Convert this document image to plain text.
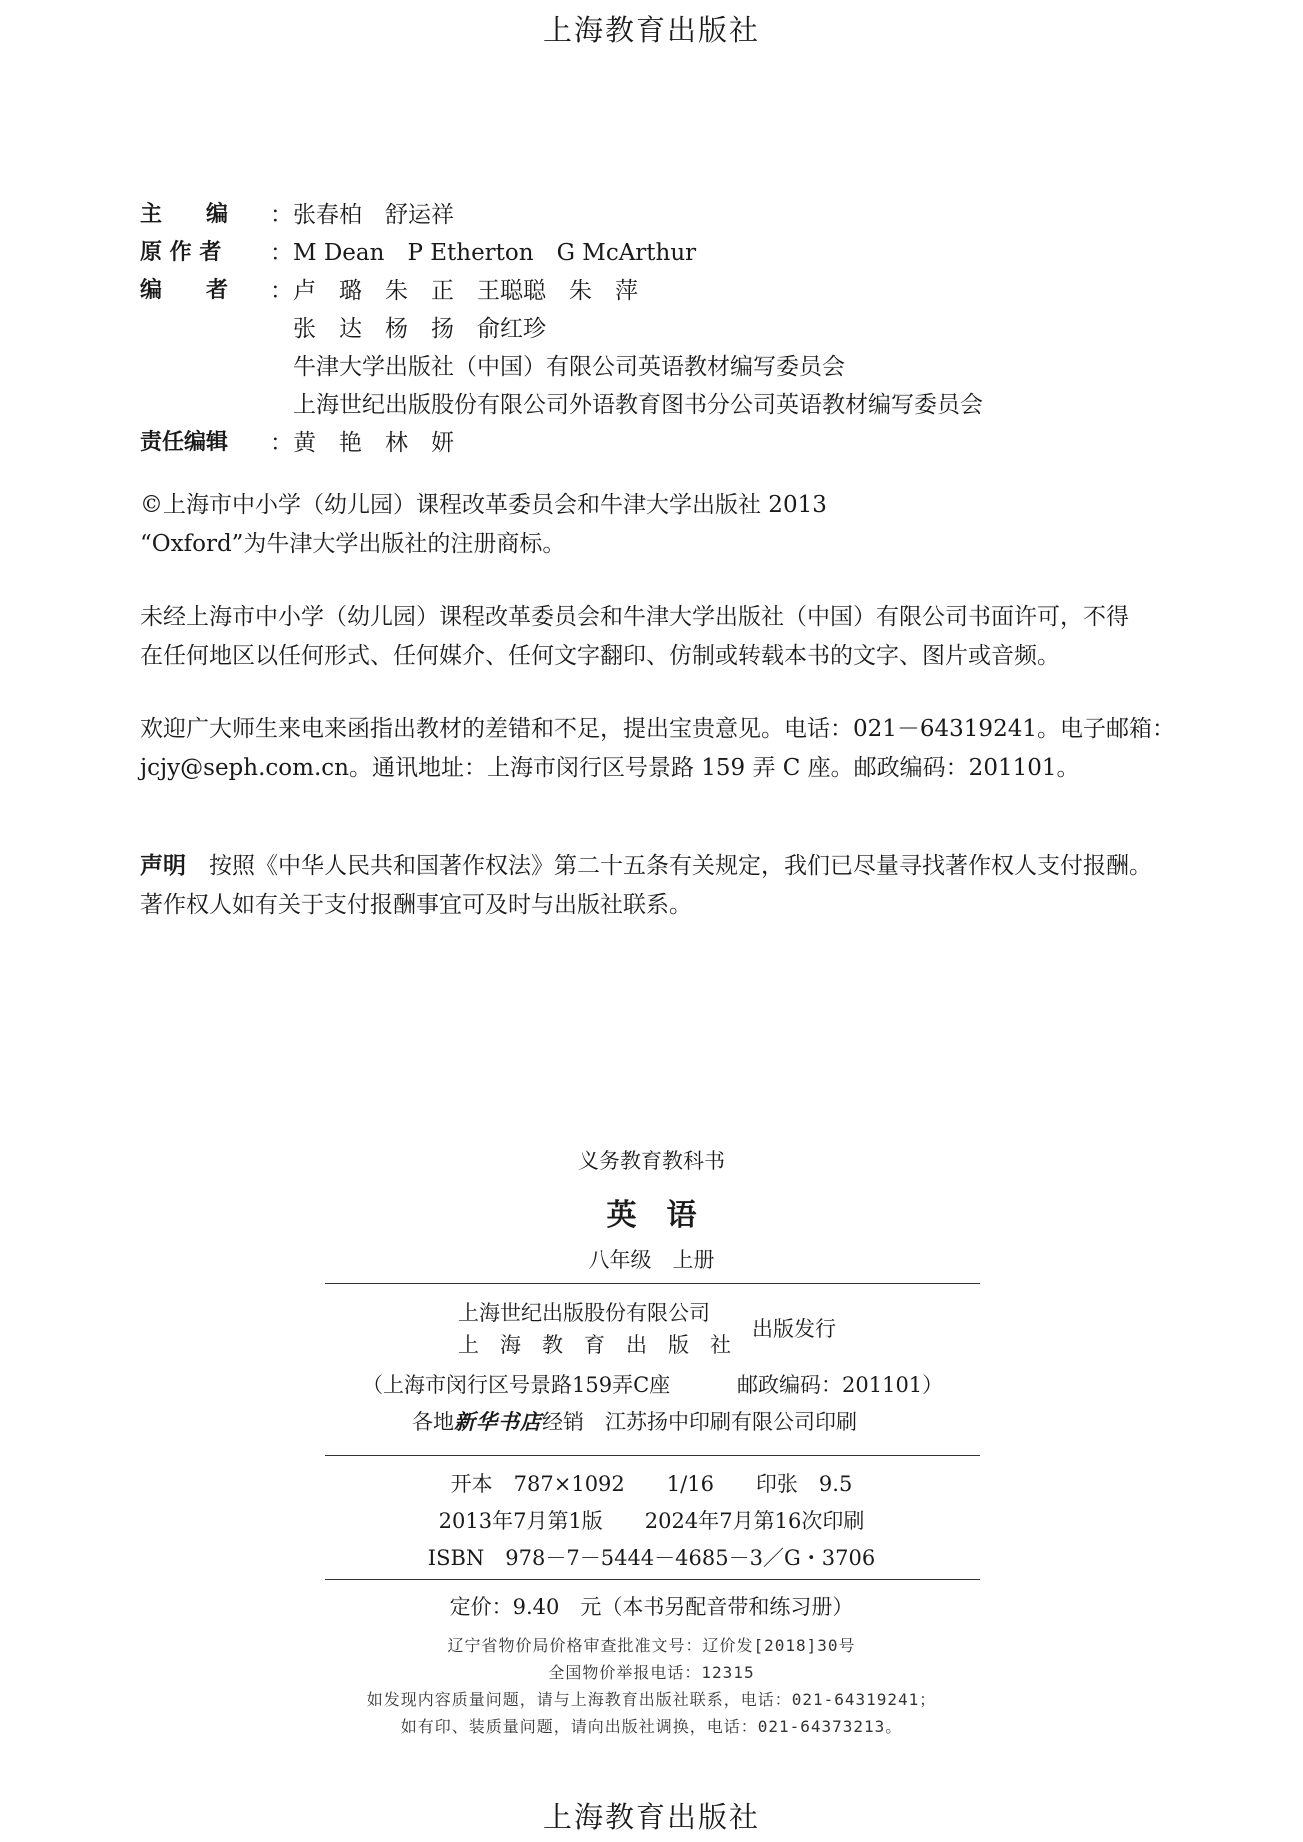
上海教育出版社
主　　编	：张春柏　舒运祥
原 作 者	：M Dean　P Etherton　G McArthur
编　　者	：卢　璐　朱　正　王聪聪　朱　萍
　张　达　杨　扬　俞红珍
　牛津大学出版社（中国）有限公司英语教材编写委员会
　上海世纪出版股份有限公司外语教育图书分公司英语教材编写委员会
责任编辑	：黄　艳　林　妍
©上海市中小学（幼儿园）课程改革委员会和牛津大学出版社 2013
“Oxford”为牛津大学出版社的注册商标。
未经上海市中小学（幼儿园）课程改革委员会和牛津大学出版社（中国）有限公司书面许可，不得
在任何地区以任何形式、任何媒介、任何文字翻印、仿制或转载本书的文字、图片或音频。
欢迎广大师生来电来函指出教材的差错和不足，提出宝贵意见。电话：021－64319241。电子邮箱：
jcjy@seph.com.cn。通讯地址：上海市闵行区号景路 159 弄 C 座。邮政编码：201101。
声明　 按照《中华人民共和国著作权法》第二十五条有关规定，我们已尽量寻找著作权人支付报酬。
著作权人如有关于支付报酬事宜可及时与出版社联系。
义务教育教科书
英　语
八年级　上册
上海世纪出版股份有限公司
上　海　教　育　出　版　社
出版发行
（上海市闵行区号景路159弄C座	邮政编码：201101）
各地新华书店经销　江苏扬中印刷有限公司印刷
开本　787×1092　　1/16　　印张　9.5
2013年7月第1版　　2024年7月第16次印刷
ISBN　978－7－5444－4685－3／G・3706
定价：9.40　元（本书另配音带和练习册）
辽宁省物价局价格审查批准文号：辽价发[2018]30号
全国物价举报电话：12315
如发现内容质量问题，请与上海教育出版社联系，电话：021-64319241；
如有印、装质量问题，请向出版社调换，电话：021-64373213。
上海教育出版社
